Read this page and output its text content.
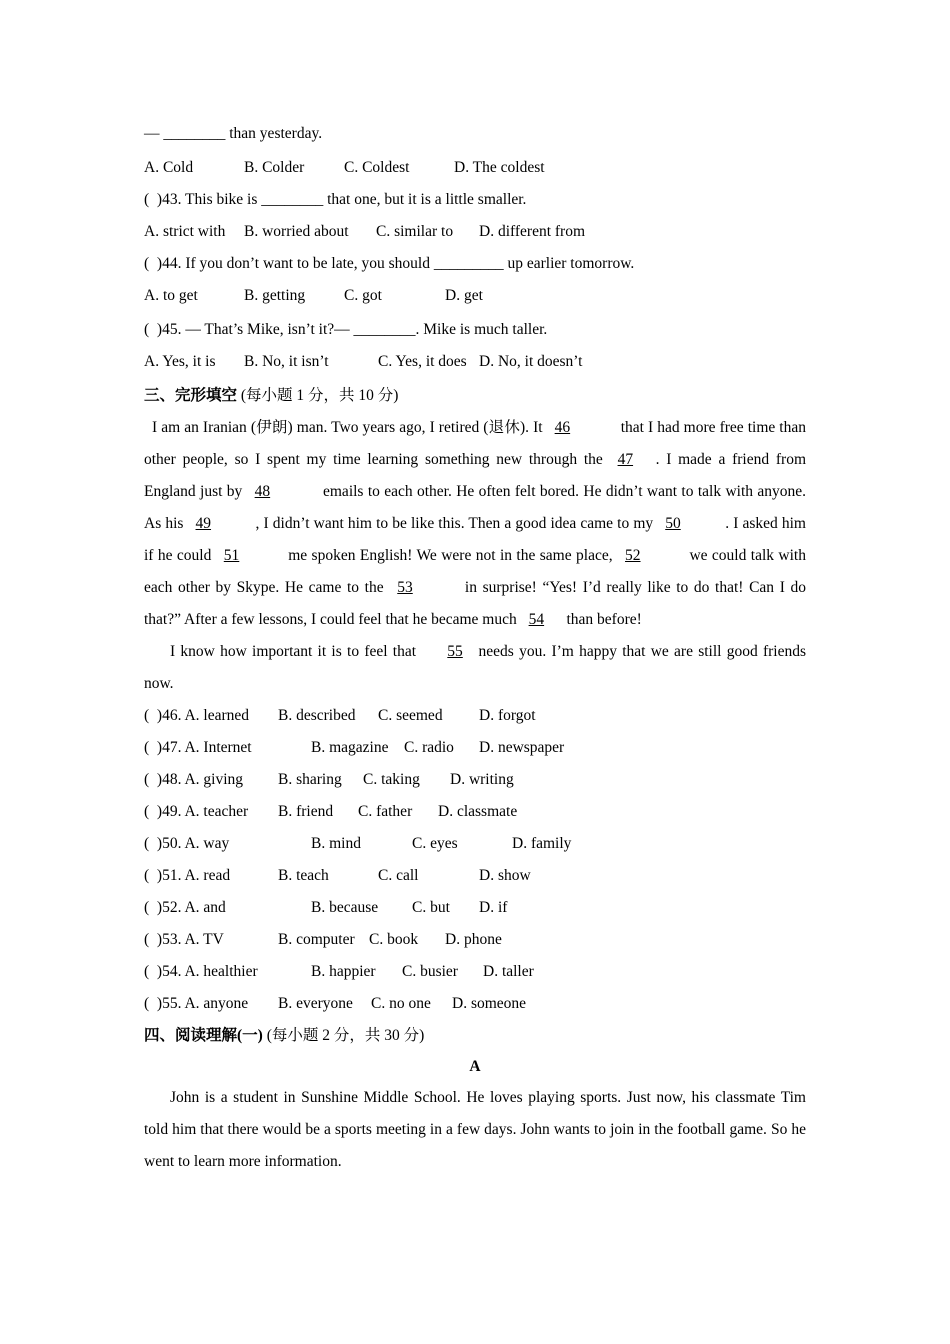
— ________ than yesterday.
A. Cold	B. Colder	C. Coldest	D. The coldest
( )43. This bike is ________ that one, but it is a little smaller.
A. strict with B. worried about C. similar to D. different from
( )44. If you don’t want to be late, you should _________ up earlier tomorrow.
A. to get	B. getting	C. got	D. get
( )45. — That’s Mike, isn’t it?— ________. Mike is much taller.
A. Yes, it is B. No, it isn’t	C. Yes, it does D. No, it doesn’t
三、完形填空 (每小题 1 分，共 10 分)

I am an Iranian (伊朗) man. Two years ago, I retired (退休). It 46	that I had more free time than other people, so I spent my time learning something new through the 47 . I made a friend from England just by 48	emails to each other. He often felt bored. He didn’t want to talk with anyone. As his 49	, I didn’t want him to be like this. Then a good idea came to my 50	. I asked him if he could 51	me spoken English! We were not in the same place, 52	we could talk with each other by Skype. He came to the 53	in surprise! “Yes! I’d really like to do that! Can I do that?” After a few lessons, I could feel that he became much 54 than before!

I know how important it is to feel that 55 needs you. I’m happy that we are still good friends now.

( )46. A. learned B. described C. seemed D. forgot
( )47. A. Internet	B. magazine C. radio D. newspaper
( )48. A. giving B. sharing C. taking D. writing
( )49. A. teacher B. friend C. father D. classmate
( )50. A. way	B. mind	C. eyes	D. family
( )51. A. read	B. teach	C. call	D. show
( )52. A. and	B. because C. but D. if
( )53. A. TV	B. computer C. book D. phone
( )54. A. healthier	B. happier C. busier D. taller
( )55. A. anyone B. everyone C. no one D. someone
四、阅读理解(一) (每小题 2 分，共 30 分)
A

John is a student in Sunshine Middle School. He loves playing sports. Just now, his classmate Tim told him that there would be a sports meeting in a few days. John wants to join in the football game. So he went to learn more information.
